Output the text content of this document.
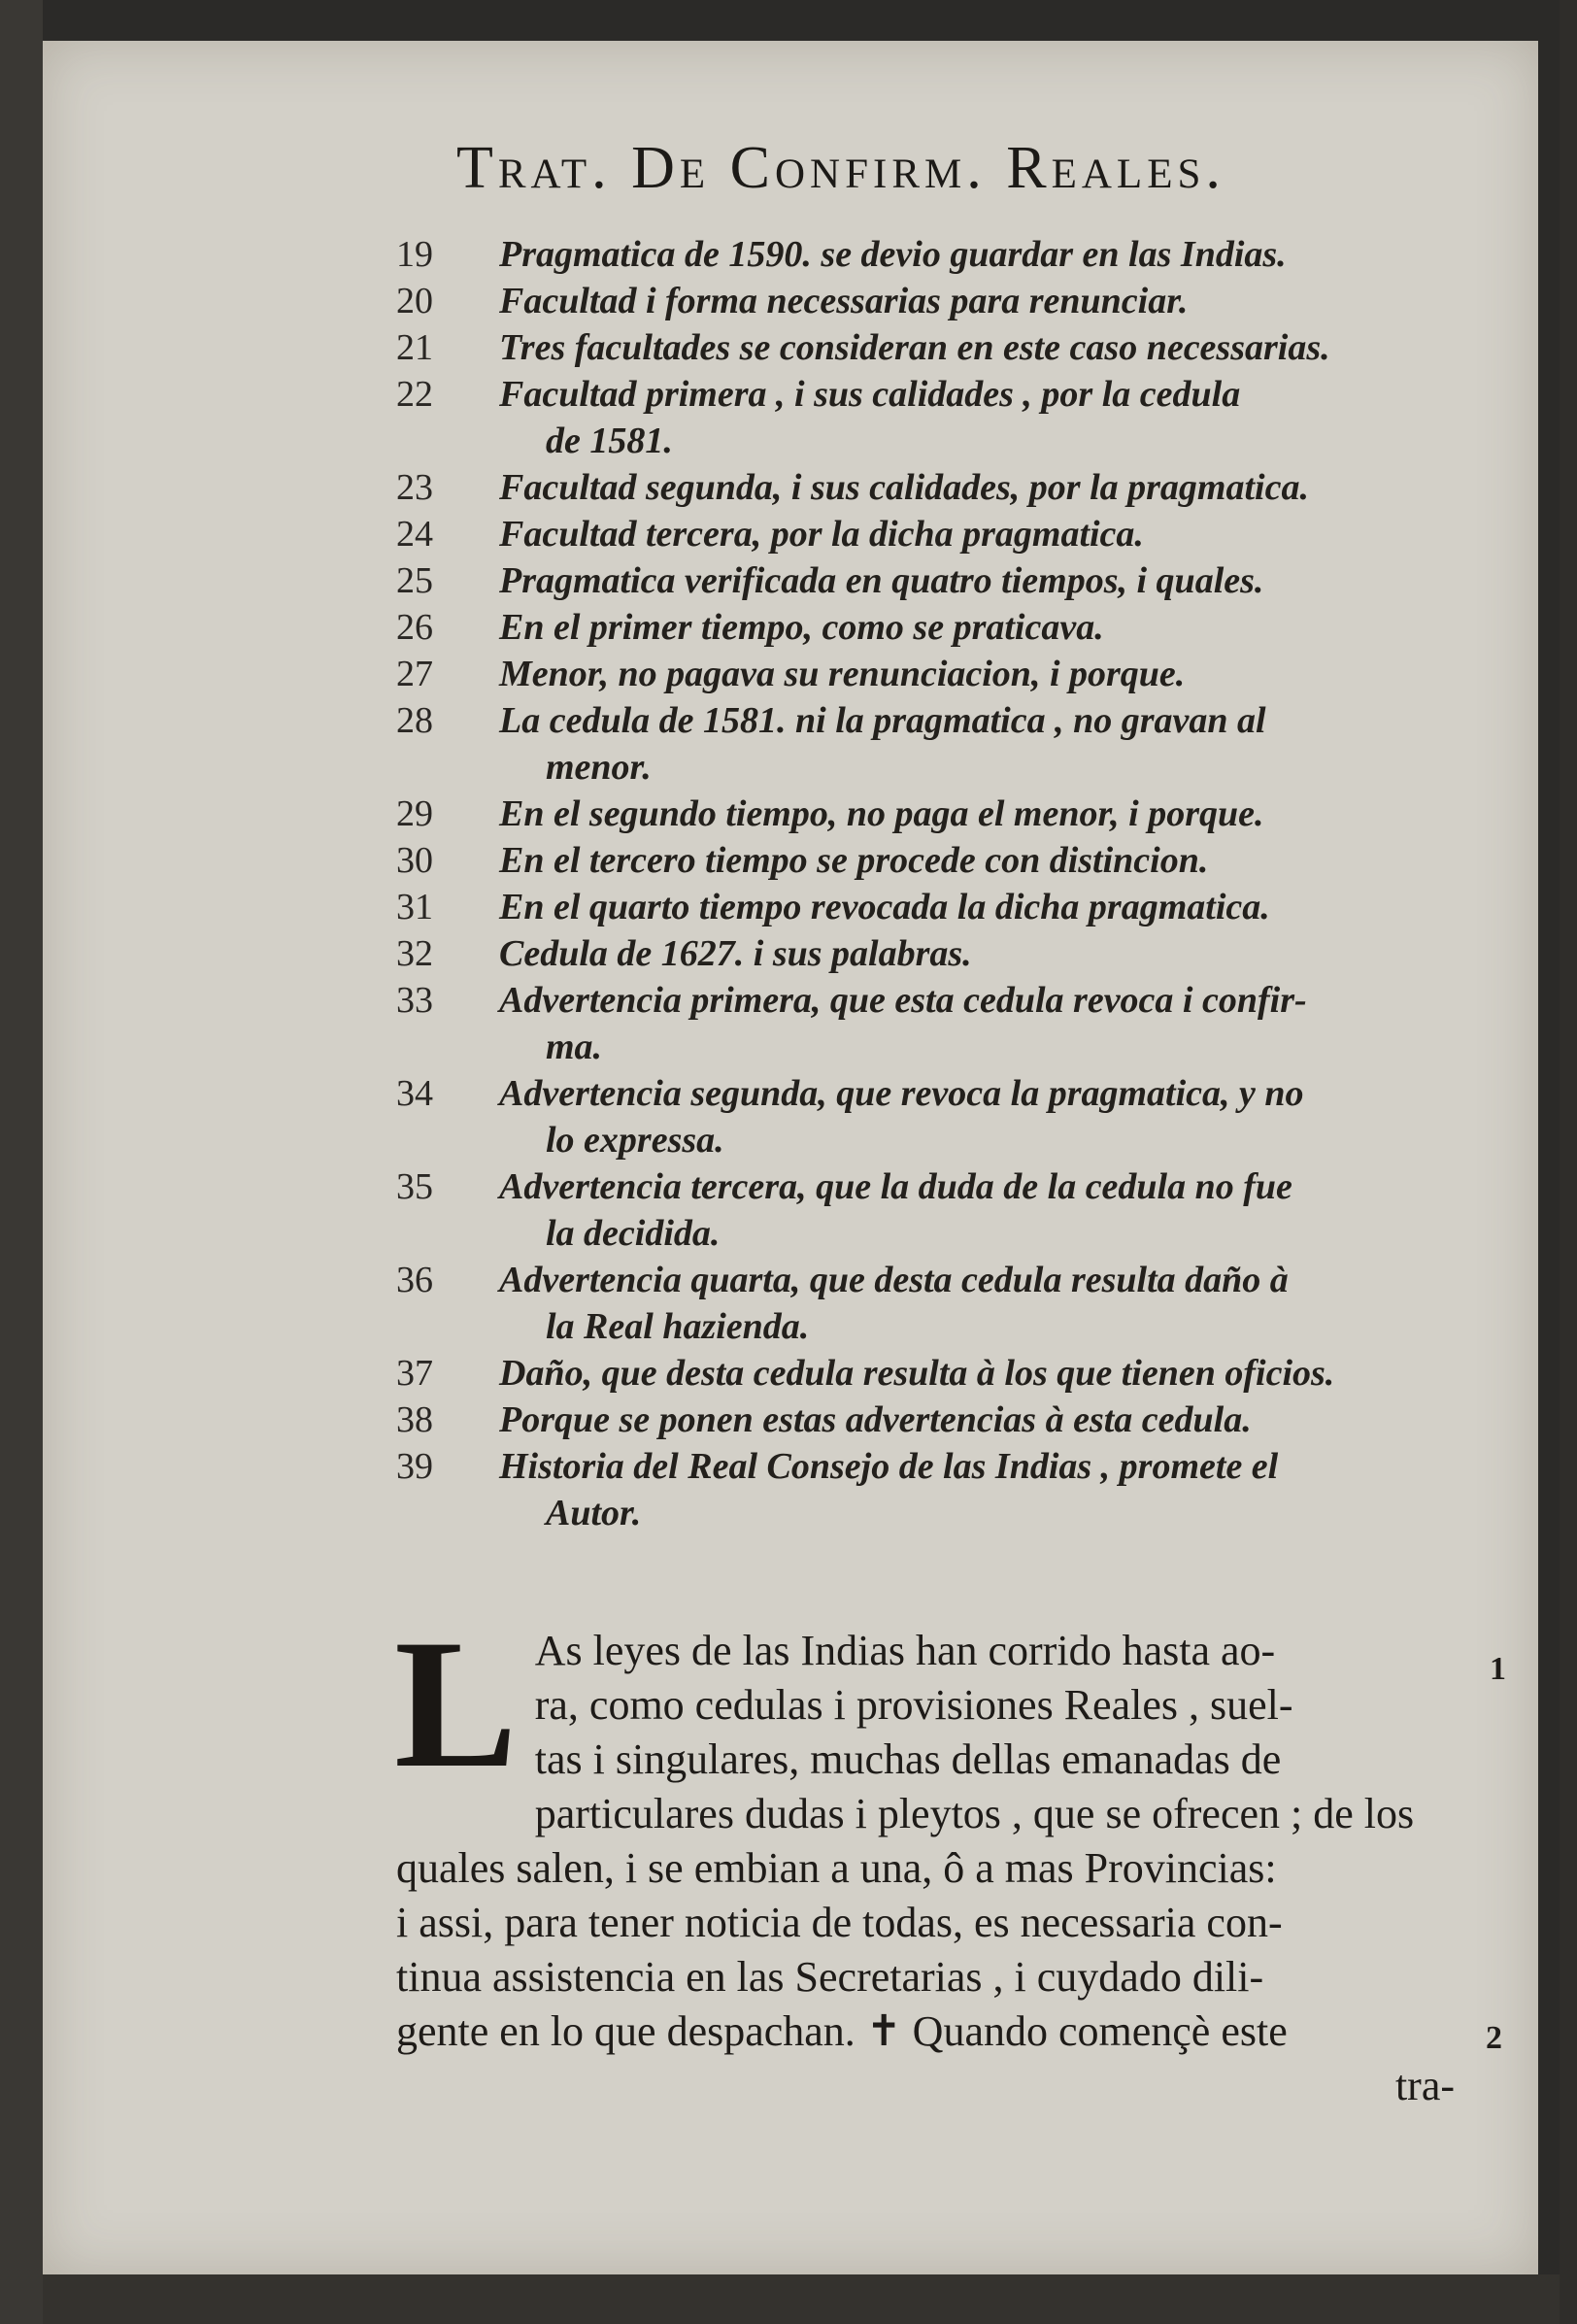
Trat. De Confirm. Reales.
19	Pragmatica de 1590. se devio guardar en las Indias.
20	Facultad i forma necessarias para renunciar.
21	Tres facultades se consideran en este caso necessarias.
22	Facultad primera , i sus calidades , por la cedula
de 1581.
23	Facultad segunda, i sus calidades, por la pragmatica.
24	Facultad tercera, por la dicha pragmatica.
25	Pragmatica verificada en quatro tiempos, i quales.
26	En el primer tiempo, como se praticava.
27	Menor, no pagava su renunciacion, i porque.
28	La cedula de 1581. ni la pragmatica , no gravan al
menor.
29	En el segundo tiempo, no paga el menor, i porque.
30	En el tercero tiempo se procede con distincion.
31	En el quarto tiempo revocada la dicha pragmatica.
32	Cedula de 1627. i sus palabras.
33	Advertencia primera, que esta cedula revoca i confir-
ma.
34	Advertencia segunda, que revoca la pragmatica, y no
lo expressa.
35	Advertencia tercera, que la duda de la cedula no fue
la decidida.
36	Advertencia quarta, que desta cedula resulta daño à
la Real hazienda.
37	Daño, que desta cedula resulta à los que tienen oficios.
38	Porque se ponen estas advertencias à esta cedula.
39	Historia del Real Consejo de las Indias , promete el
Autor.
L As leyes de las Indias han corrido hasta ao-

ra, como cedulas i provisiones Reales , suel-

tas i singulares, muchas dellas emanadas de

particulares dudas i pleytos , que se ofrecen ; de los

quales salen, i se embian a una, ô a mas Provincias:

i assi, para tener noticia de todas, es necessaria con-

tinua assistencia en las Secretarias , i cuydado dili-

gente en lo que despachan. ✝ Quando començè este

tra-

1
2
